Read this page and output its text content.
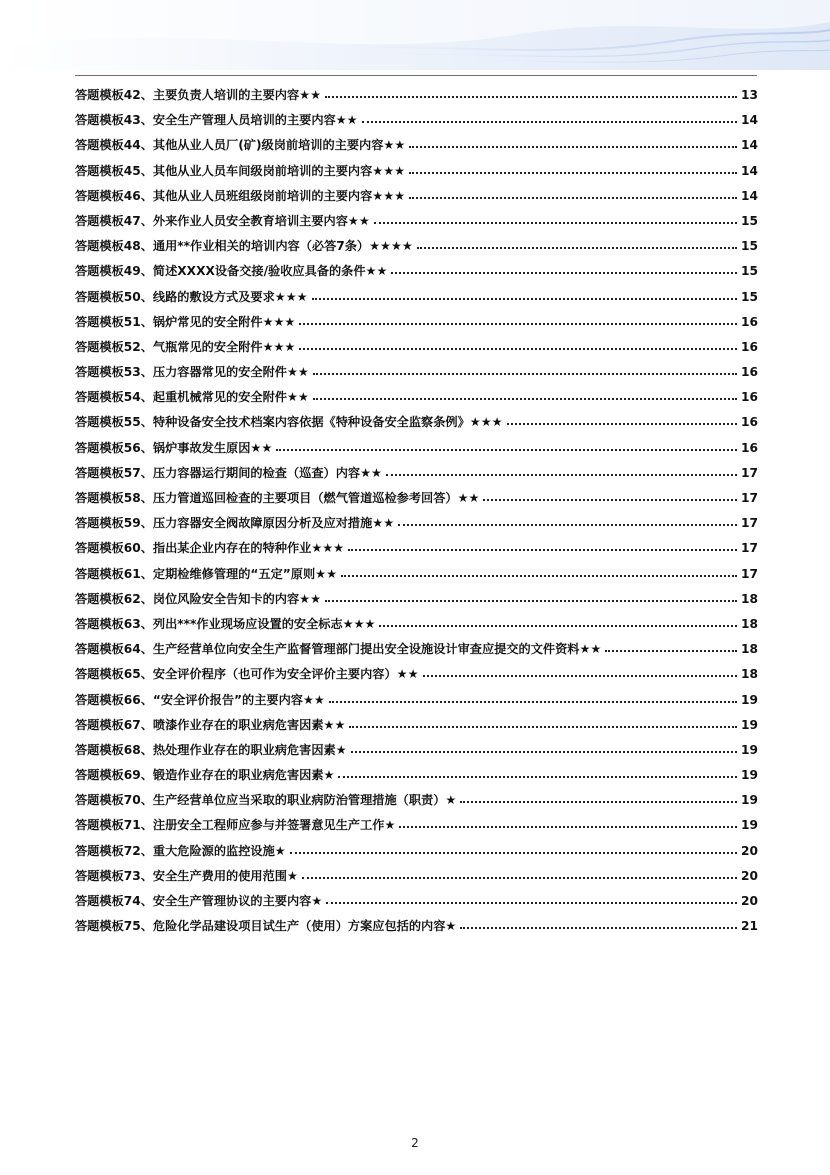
答题模板42、主要负责人培训的主要内容★★	13
答题模板43、安全生产管理人员培训的主要内容★★	14
答题模板44、其他从业人员厂(矿)级岗前培训的主要内容★★	14
答题模板45、其他从业人员车间级岗前培训的主要内容★★★	14
答题模板46、其他从业人员班组级岗前培训的主要内容★★★	14
答题模板47、外来作业人员安全教育培训主要内容★★	15
答题模板48、通用**作业相关的培训内容（必答7条）★★★★	15
答题模板49、简述XXXX设备交接/验收应具备的条件★★	15
答题模板50、线路的敷设方式及要求★★★	15
答题模板51、锅炉常见的安全附件★★★	16
答题模板52、气瓶常见的安全附件★★★	16
答题模板53、压力容器常见的安全附件★★	16
答题模板54、起重机械常见的安全附件★★	16
答题模板55、特种设备安全技术档案内容依据《特种设备安全监察条例》★★★	16
答题模板56、锅炉事故发生原因★★	16
答题模板57、压力容器运行期间的检查（巡查）内容★★	17
答题模板58、压力管道巡回检查的主要项目（燃气管道巡检参考回答）★★	17
答题模板59、压力容器安全阀故障原因分析及应对措施★★	17
答题模板60、指出某企业内存在的特种作业★★★	17
答题模板61、定期检维修管理的“五定”原则★★	17
答题模板62、岗位风险安全告知卡的内容★★	18
答题模板63、列出***作业现场应设置的安全标志★★★	18
答题模板64、生产经营单位向安全生产监督管理部门提出安全设施设计审查应提交的文件资料★★	18
答题模板65、安全评价程序（也可作为安全评价主要内容）★★	18
答题模板66、“安全评价报告”的主要内容★★	19
答题模板67、喷漆作业存在的职业病危害因素★★	19
答题模板68、热处理作业存在的职业病危害因素★	19
答题模板69、锻造作业存在的职业病危害因素★	19
答题模板70、生产经营单位应当采取的职业病防治管理措施（职责）★	19
答题模板71、注册安全工程师应参与并签署意见生产工作★	19
答题模板72、重大危险源的监控设施★	20
答题模板73、安全生产费用的使用范围★	20
答题模板74、安全生产管理协议的主要内容★	20
答题模板75、危险化学品建设项目试生产（使用）方案应包括的内容★	21
2
